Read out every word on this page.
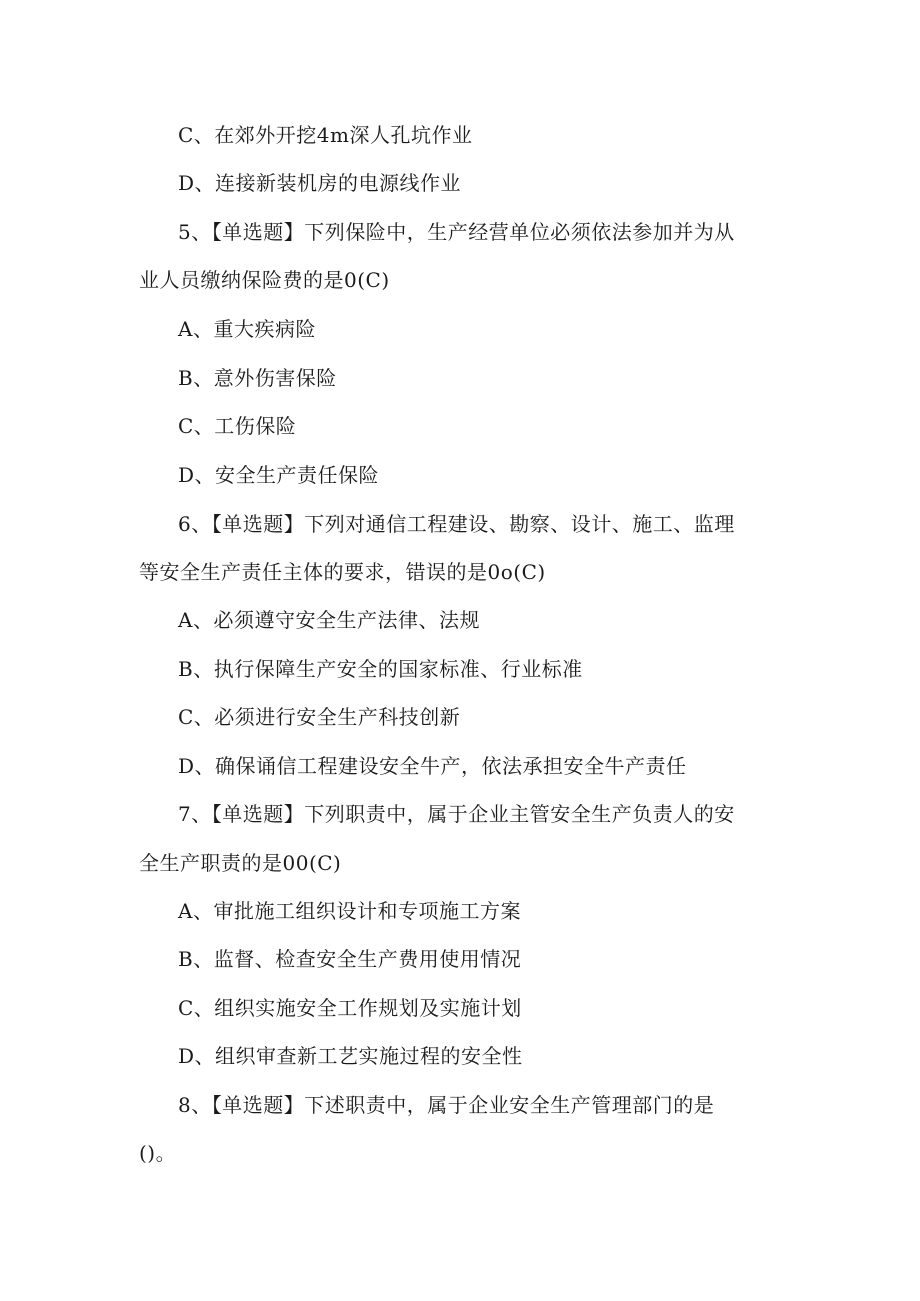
C、在郊外开挖4m深人孔坑作业
D、连接新装机房的电源线作业
5、【单选题】下列保险中，生产经营单位必须依法参加并为从
业人员缴纳保险费的是0(C)
A、重大疾病险
B、意外伤害保险
C、工伤保险
D、安全生产责任保险
6、【单选题】下列对通信工程建设、勘察、设计、施工、监理
等安全生产责任主体的要求，错误的是0o(C)
A、必须遵守安全生产法律、法规
B、执行保障生产安全的国家标准、行业标准
C、必须进行安全生产科技创新
D、确保诵信工程建设安全牛产，依法承担安全牛产责任
7、【单选题】下列职责中，属于企业主管安全生产负责人的安
全生产职责的是00(C)
A、审批施工组织设计和专项施工方案
B、监督、检查安全生产费用使用情况
C、组织实施安全工作规划及实施计划
D、组织审查新工艺实施过程的安全性
8、【单选题】下述职责中，属于企业安全生产管理部门的是
()。
